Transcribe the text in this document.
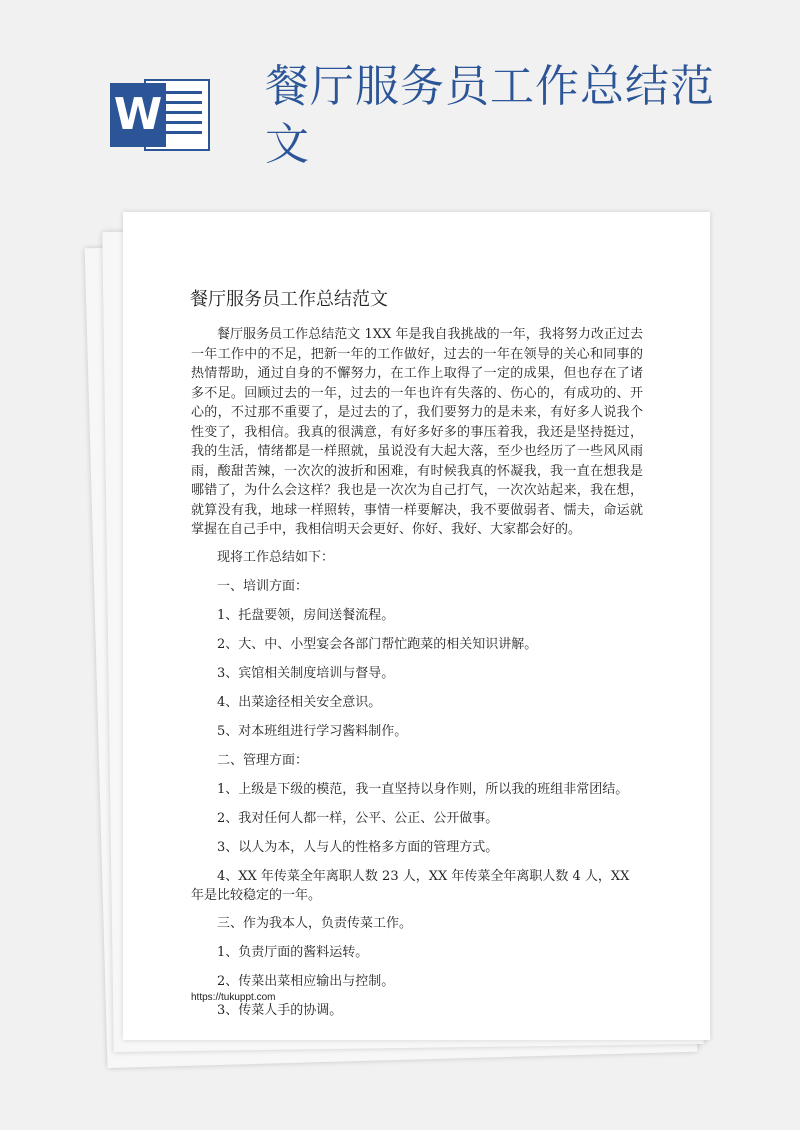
W
餐厅服务员工作总结范文
餐厅服务员工作总结范文

餐厅服务员工作总结范文 1XX 年是我自我挑战的一年，我将努力改正过去一年工作中的不足，把新一年的工作做好，过去的一年在领导的关心和同事的热情帮助，通过自身的不懈努力，在工作上取得了一定的成果，但也存在了诸多不足。回顾过去的一年，过去的一年也许有失落的、伤心的，有成功的、开心的，不过那不重要了，是过去的了，我们要努力的是未来，有好多人说我个性变了，我相信。我真的很满意，有好多好多的事压着我，我还是坚持挺过，我的生活，情绪都是一样照就，虽说没有大起大落，至少也经历了一些风风雨雨，酸甜苦辣，一次次的波折和困难，有时候我真的怀凝我，我一直在想我是哪错了，为什么会这样？我也是一次次为自己打气，一次次站起来，我在想，就算没有我，地球一样照转，事情一样要解决，我不要做弱者、懦夫，命运就掌握在自己手中，我相信明天会更好、你好、我好、大家都会好的。

现将工作总结如下：

一、培训方面：

1、托盘要领，房间送餐流程。

2、大、中、小型宴会各部门帮忙跑菜的相关知识讲解。

3、宾馆相关制度培训与督导。

4、出菜途径相关安全意识。

5、对本班组进行学习酱料制作。

二、管理方面：

1、上级是下级的模范，我一直坚持以身作则，所以我的班组非常团结。

2、我对任何人都一样，公平、公正、公开做事。

3、以人为本，人与人的性格多方面的管理方式。

4、XX 年传菜全年离职人数 23 人，XX 年传菜全年离职人数 4 人，XX 年是比较稳定的一年。

三、作为我本人，负责传菜工作。

1、负责厅面的酱料运转。

2、传菜出菜相应输出与控制。

3、传菜人手的协调。

https://tukuppt.com
